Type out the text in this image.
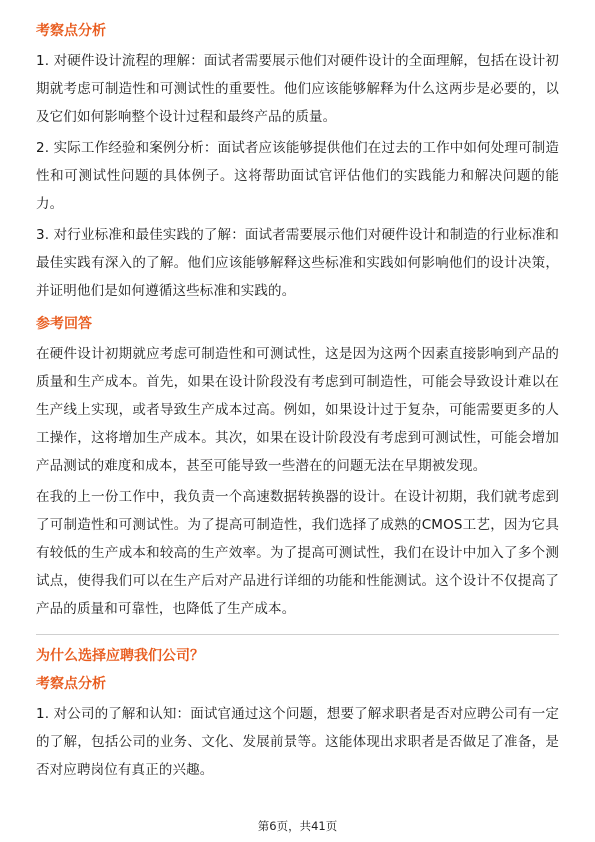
考察点分析

1. 对硬件设计流程的理解：面试者需要展示他们对硬件设计的全面理解，包括在设计初期就考虑可制造性和可测试性的重要性。他们应该能够解释为什么这两步是必要的，以及它们如何影响整个设计过程和最终产品的质量。

2. 实际工作经验和案例分析：面试者应该能够提供他们在过去的工作中如何处理可制造性和可测试性问题的具体例子。这将帮助面试官评估他们的实践能力和解决问题的能力。

3. 对行业标准和最佳实践的了解：面试者需要展示他们对硬件设计和制造的行业标准和最佳实践有深入的了解。他们应该能够解释这些标准和实践如何影响他们的设计决策，并证明他们是如何遵循这些标准和实践的。

参考回答

在硬件设计初期就应考虑可制造性和可测试性，这是因为这两个因素直接影响到产品的质量和生产成本。首先，如果在设计阶段没有考虑到可制造性，可能会导致设计难以在生产线上实现，或者导致生产成本过高。例如，如果设计过于复杂，可能需要更多的人工操作，这将增加生产成本。其次，如果在设计阶段没有考虑到可测试性，可能会增加产品测试的难度和成本，甚至可能导致一些潜在的问题无法在早期被发现。

在我的上一份工作中，我负责一个高速数据转换器的设计。在设计初期，我们就考虑到了可制造性和可测试性。为了提高可制造性，我们选择了成熟的CMOS工艺，因为它具有较低的生产成本和较高的生产效率。为了提高可测试性，我们在设计中加入了多个测试点，使得我们可以在生产后对产品进行详细的功能和性能测试。这个设计不仅提高了产品的质量和可靠性，也降低了生产成本。

为什么选择应聘我们公司？
考察点分析

1. 对公司的了解和认知：面试官通过这个问题，想要了解求职者是否对应聘公司有一定的了解，包括公司的业务、文化、发展前景等。这能体现出求职者是否做足了准备，是否对应聘岗位有真正的兴趣。

第6页，共41页
